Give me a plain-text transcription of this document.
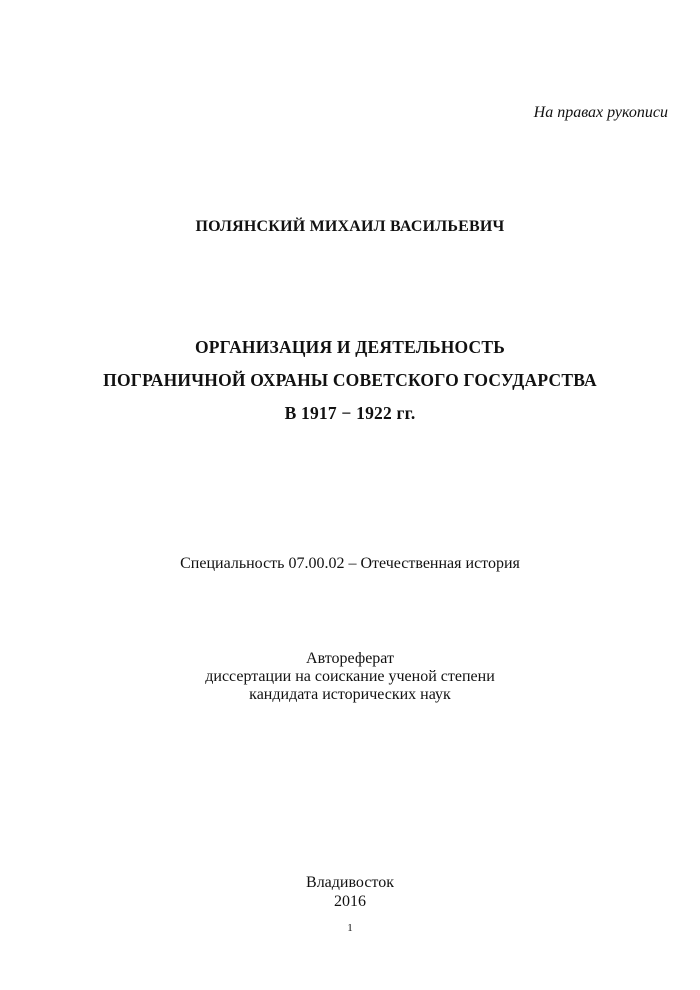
На правах рукописи
ПОЛЯНСКИЙ МИХАИЛ ВАСИЛЬЕВИЧ
ОРГАНИЗАЦИЯ И ДЕЯТЕЛЬНОСТЬ
ПОГРАНИЧНОЙ ОХРАНЫ СОВЕТСКОГО ГОСУДАРСТВА
В 1917 − 1922 гг.
Специальность 07.00.02 – Отечественная история
Автореферат
диссертации на соискание ученой степени
кандидата исторических наук
Владивосток
2016
1
